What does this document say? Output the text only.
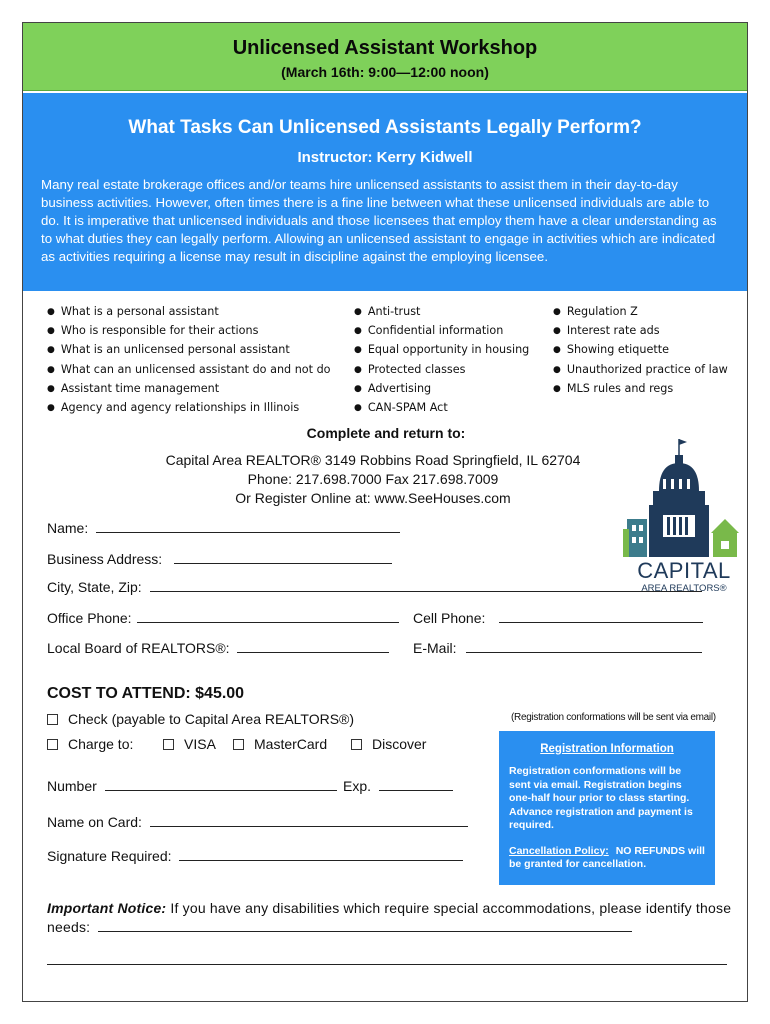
Unlicensed Assistant Workshop
(March 16th: 9:00—12:00 noon)
What Tasks Can Unlicensed Assistants Legally Perform?
Instructor: Kerry Kidwell
Many real estate brokerage offices and/or teams hire unlicensed assistants to assist them in their day-to-day business activities. However, often times there is a fine line between what these unlicensed individuals are able to do. It is imperative that unlicensed individuals and those licensees that employ them have a clear understanding as to what duties they can legally perform. Allowing an unlicensed assistant to engage in activities which are indicated as activities requiring a license may result in discipline against the employing licensee.
● What is a personal assistant
● Who is responsible for their actions
● What is an unlicensed personal assistant
● What can an unlicensed assistant do and not do
● Assistant time management
● Agency and agency relationships in Illinois
● Anti-trust
● Confidential information
● Equal opportunity in housing
● Protected classes
● Advertising
● CAN-SPAM Act
● Regulation Z
● Interest rate ads
● Showing etiquette
● Unauthorized practice of law
● MLS rules and regs
Complete and return to:
Capital Area REALTOR® 3149 Robbins Road Springfield, IL 62704
Phone: 217.698.7000 Fax 217.698.7009
Or Register Online at: www.SeeHouses.com
CAPITAL
AREA REALTORS®
Name:
Business Address:
City, State, Zip:
Office Phone:	Cell Phone:
Local Board of REALTORS®:	E-Mail:
COST TO ATTEND: $45.00
Check (payable to Capital Area REALTORS®)	(Registration conformations will be sent via email)
Charge to:	VISA	MasterCard	Discover
Number	Exp.
Name on Card:
Signature Required:
Registration Information
Registration conformations will be sent via email. Registration begins one-half hour prior to class starting. Advance registration and payment is required.
Cancellation Policy: NO REFUNDS will be granted for cancellation.
Important Notice: If you have any disabilities which require special accommodations, please identify those needs:
